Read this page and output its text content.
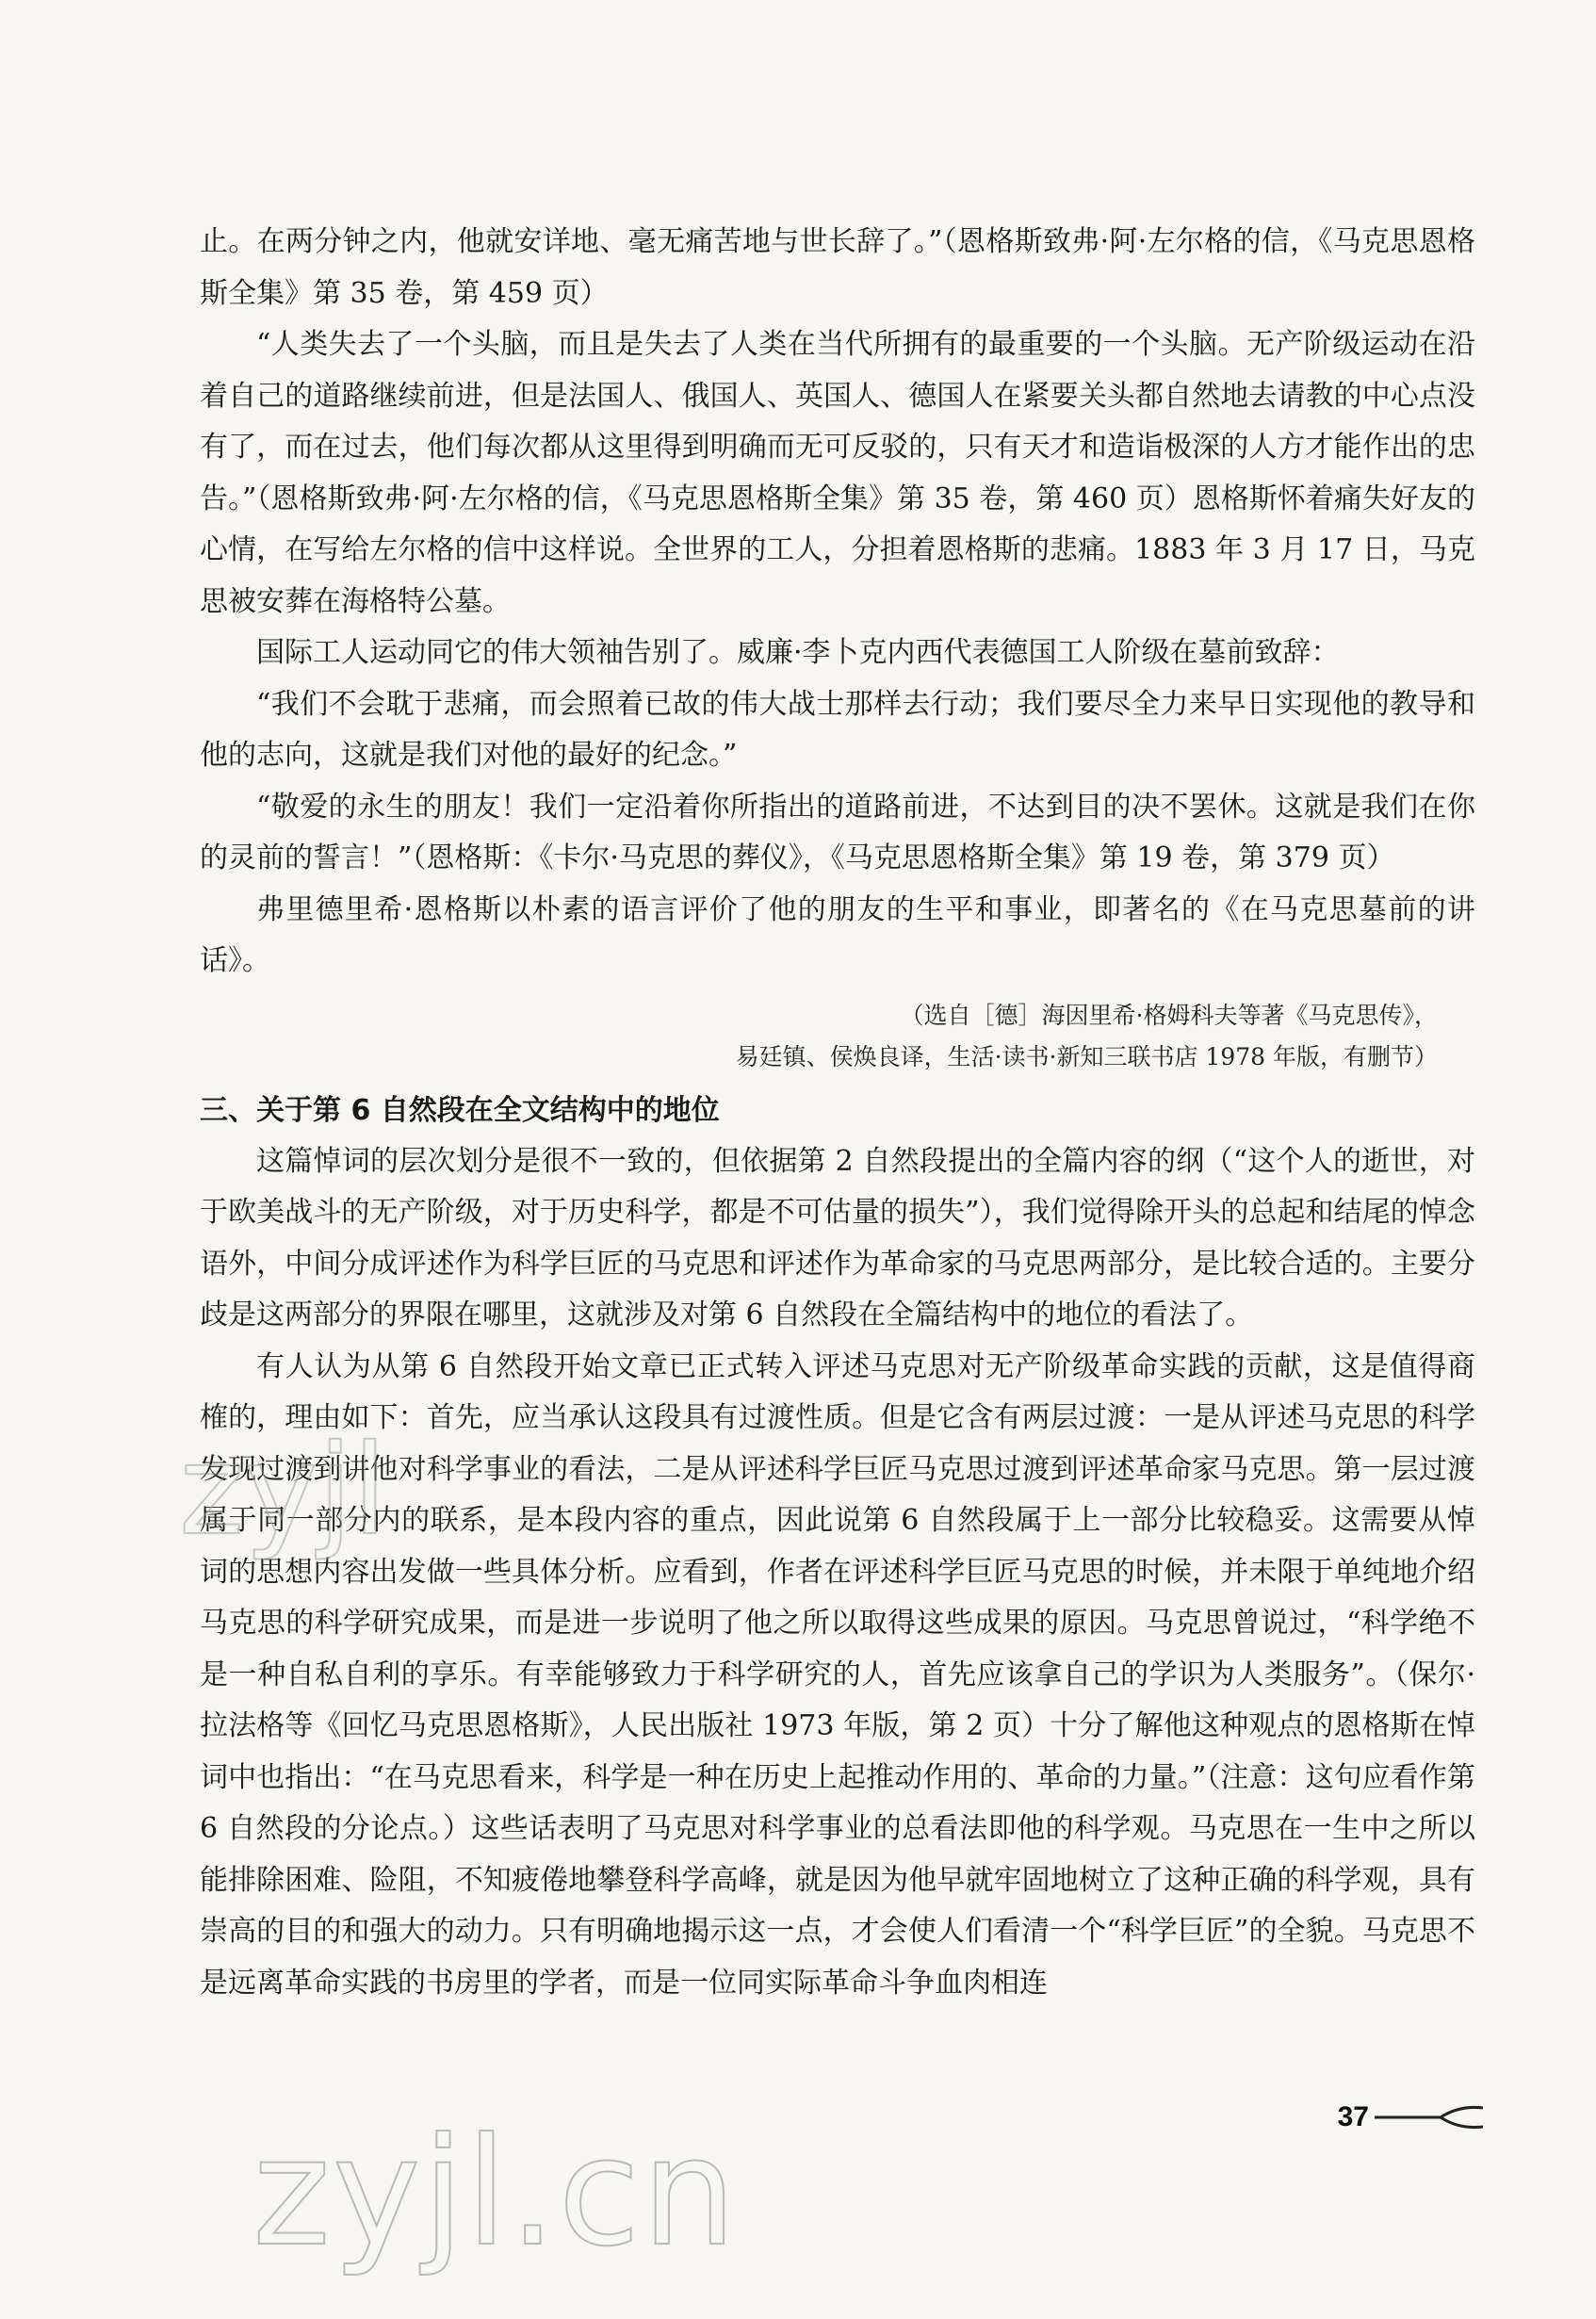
止。在两分钟之内，他就安详地、毫无痛苦地与世长辞了。”（恩格斯致弗·阿·左尔格的信，《马克思恩格斯全集》第 35 卷，第 459 页）

“人类失去了一个头脑，而且是失去了人类在当代所拥有的最重要的一个头脑。无产阶级运动在沿着自己的道路继续前进，但是法国人、俄国人、英国人、德国人在紧要关头都自然地去请教的中心点没有了，而在过去，他们每次都从这里得到明确而无可反驳的，只有天才和造诣极深的人方才能作出的忠告。”（恩格斯致弗·阿·左尔格的信，《马克思恩格斯全集》第 35 卷，第 460 页）恩格斯怀着痛失好友的心情，在写给左尔格的信中这样说。全世界的工人，分担着恩格斯的悲痛。1883 年 3 月 17 日，马克思被安葬在海格特公墓。

国际工人运动同它的伟大领袖告别了。威廉·李卜克内西代表德国工人阶级在墓前致辞：

“我们不会耽于悲痛，而会照着已故的伟大战士那样去行动；我们要尽全力来早日实现他的教导和他的志向，这就是我们对他的最好的纪念。”

“敬爱的永生的朋友！我们一定沿着你所指出的道路前进，不达到目的决不罢休。这就是我们在你的灵前的誓言！”（恩格斯：《卡尔·马克思的葬仪》，《马克思恩格斯全集》第 19 卷，第 379 页）

弗里德里希·恩格斯以朴素的语言评价了他的朋友的生平和事业，即著名的《在马克思墓前的讲话》。

（选自［德］海因里希·格姆科夫等著《马克思传》，
易廷镇、侯焕良译，生活·读书·新知三联书店 1978 年版，有删节）

三、关于第 6 自然段在全文结构中的地位

这篇悼词的层次划分是很不一致的，但依据第 2 自然段提出的全篇内容的纲（“这个人的逝世，对于欧美战斗的无产阶级，对于历史科学，都是不可估量的损失”），我们觉得除开头的总起和结尾的悼念语外，中间分成评述作为科学巨匠的马克思和评述作为革命家的马克思两部分，是比较合适的。主要分歧是这两部分的界限在哪里，这就涉及对第 6 自然段在全篇结构中的地位的看法了。

有人认为从第 6 自然段开始文章已正式转入评述马克思对无产阶级革命实践的贡献，这是值得商榷的，理由如下：首先，应当承认这段具有过渡性质。但是它含有两层过渡：一是从评述马克思的科学发现过渡到讲他对科学事业的看法，二是从评述科学巨匠马克思过渡到评述革命家马克思。第一层过渡属于同一部分内的联系，是本段内容的重点，因此说第 6 自然段属于上一部分比较稳妥。这需要从悼词的思想内容出发做一些具体分析。应看到，作者在评述科学巨匠马克思的时候，并未限于单纯地介绍马克思的科学研究成果，而是进一步说明了他之所以取得这些成果的原因。马克思曾说过，“科学绝不是一种自私自利的享乐。有幸能够致力于科学研究的人，首先应该拿自己的学识为人类服务”。（保尔·拉法格等《回忆马克思恩格斯》，人民出版社 1973 年版，第 2 页）十分了解他这种观点的恩格斯在悼词中也指出：“在马克思看来，科学是一种在历史上起推动作用的、革命的力量。”（注意：这句应看作第 6 自然段的分论点。）这些话表明了马克思对科学事业的总看法即他的科学观。马克思在一生中之所以能排除困难、险阻，不知疲倦地攀登科学高峰，就是因为他早就牢固地树立了这种正确的科学观，具有崇高的目的和强大的动力。只有明确地揭示这一点，才会使人们看清一个“科学巨匠”的全貌。马克思不是远离革命实践的书房里的学者，而是一位同实际革命斗争血肉相连

zyjl
37
zyjl.cn
